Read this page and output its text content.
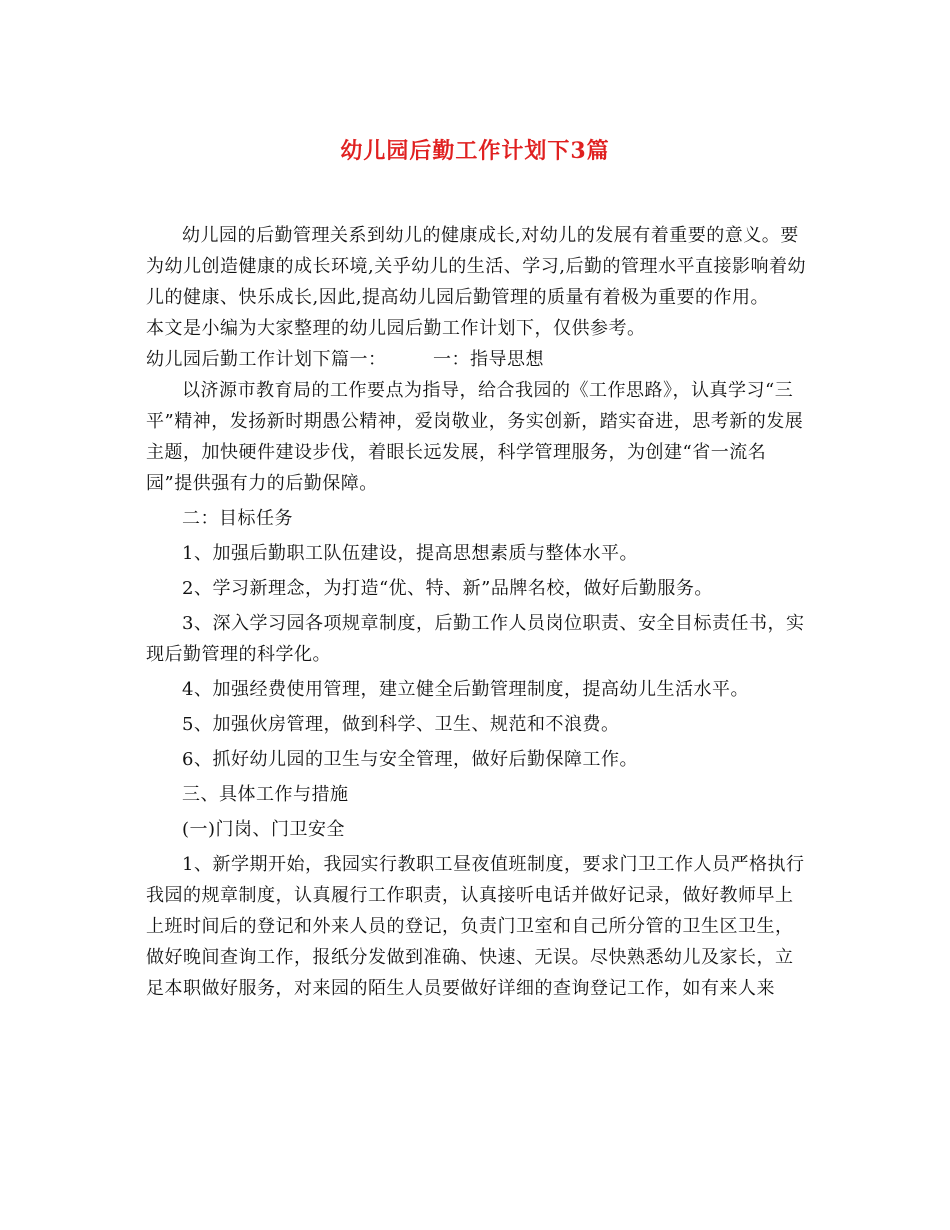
幼儿园后勤工作计划下3篇

幼儿园的后勤管理关系到幼儿的健康成长,对幼儿的发展有着重要的意义。要为幼儿创造健康的成长环境,关乎幼儿的生活、学习,后勤的管理水平直接影响着幼儿的健康、快乐成长,因此,提高幼儿园后勤管理的质量有着极为重要的作用。

本文是小编为大家整理的幼儿园后勤工作计划下，仅供参考。

幼儿园后勤工作计划下篇一：　　　一：指导思想

以济源市教育局的工作要点为指导，给合我园的《工作思路》，认真学习“三平”精神，发扬新时期愚公精神，爱岗敬业，务实创新，踏实奋进，思考新的发展主题，加快硬件建设步伐，着眼长远发展，科学管理服务，为创建“省一流名园”提供强有力的后勤保障。

二：目标任务

1、加强后勤职工队伍建设，提高思想素质与整体水平。

2、学习新理念，为打造“优、特、新”品牌名校，做好后勤服务。

3、深入学习园各项规章制度，后勤工作人员岗位职责、安全目标责任书，实现后勤管理的科学化。

4、加强经费使用管理，建立健全后勤管理制度，提高幼儿生活水平。

5、加强伙房管理，做到科学、卫生、规范和不浪费。

6、抓好幼儿园的卫生与安全管理，做好后勤保障工作。

三、具体工作与措施

(一)门岗、门卫安全

1、新学期开始，我园实行教职工昼夜值班制度，要求门卫工作人员严格执行我园的规章制度，认真履行工作职责，认真接听电话并做好记录，做好教师早上上班时间后的登记和外来人员的登记，负责门卫室和自己所分管的卫生区卫生，做好晚间查询工作，报纸分发做到准确、快速、无误。尽快熟悉幼儿及家长，立足本职做好服务，对来园的陌生人员要做好详细的查询登记工作，如有来人来
